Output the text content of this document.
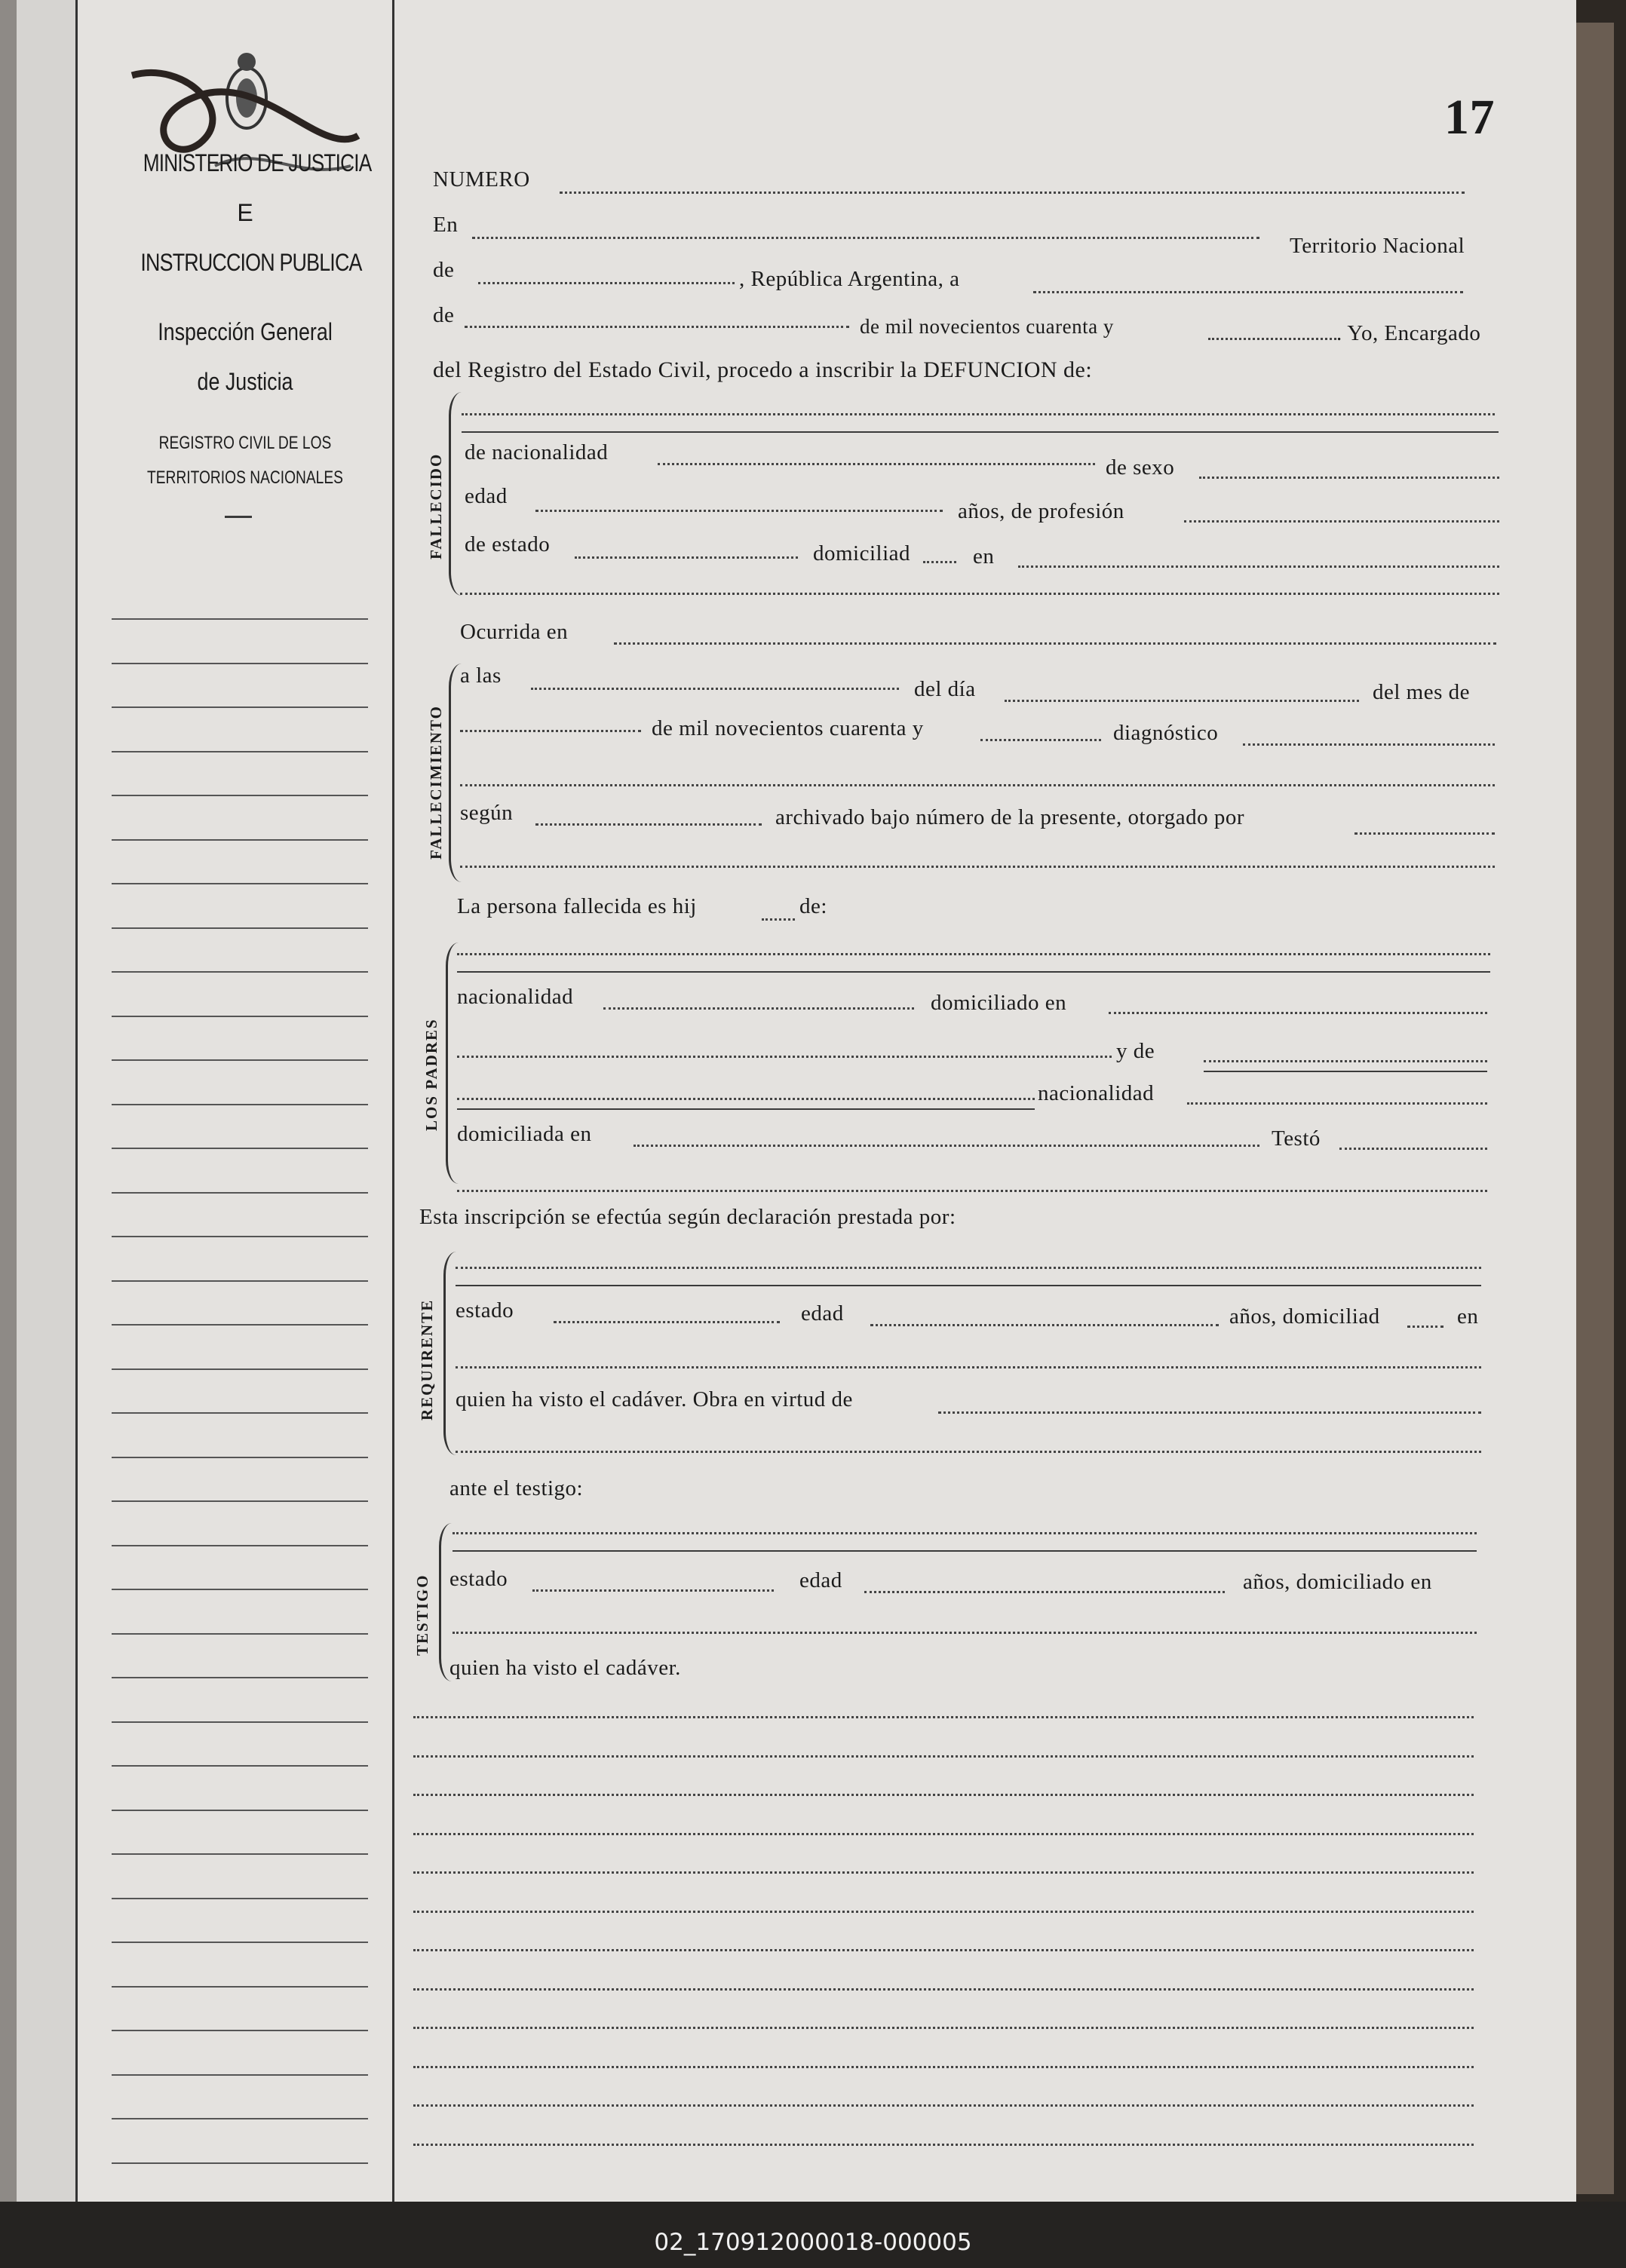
MINISTERIO DE JUSTICIA
E
INSTRUCCION PUBLICA
Inspección General
de Justicia
REGISTRO CIVIL DE LOS
TERRITORIOS NACIONALES
17
NUMERO
En
Territorio Nacional
de	, República Argentina, a
de	de mil novecientos cuarenta y	. Yo, Encargado
del Registro del Estado Civil, procedo a inscribir la DEFUNCION de:
FALLECIDO
de nacionalidad
de sexo
edad
años, de profesión
de estado	domiciliad	en
FALLECIMIENTO
Ocurrida en
a las
del día	del mes de
de mil novecientos cuarenta y	diagnóstico
según	archivado bajo número de la presente, otorgado por
LOS PADRES
La persona fallecida es hij	de:
nacionalidad	domiciliado en
y de
nacionalidad
domiciliada en	Testó
Esta inscripción se efectúa según declaración prestada por:
REQUIRENTE estado	edad	años, domiciliad	en
quien ha visto el cadáver. Obra en virtud de
ante el testigo:
TESTIGO estado	edad	años, domiciliado en
quien ha visto el cadáver.
02_170912000018-000005
